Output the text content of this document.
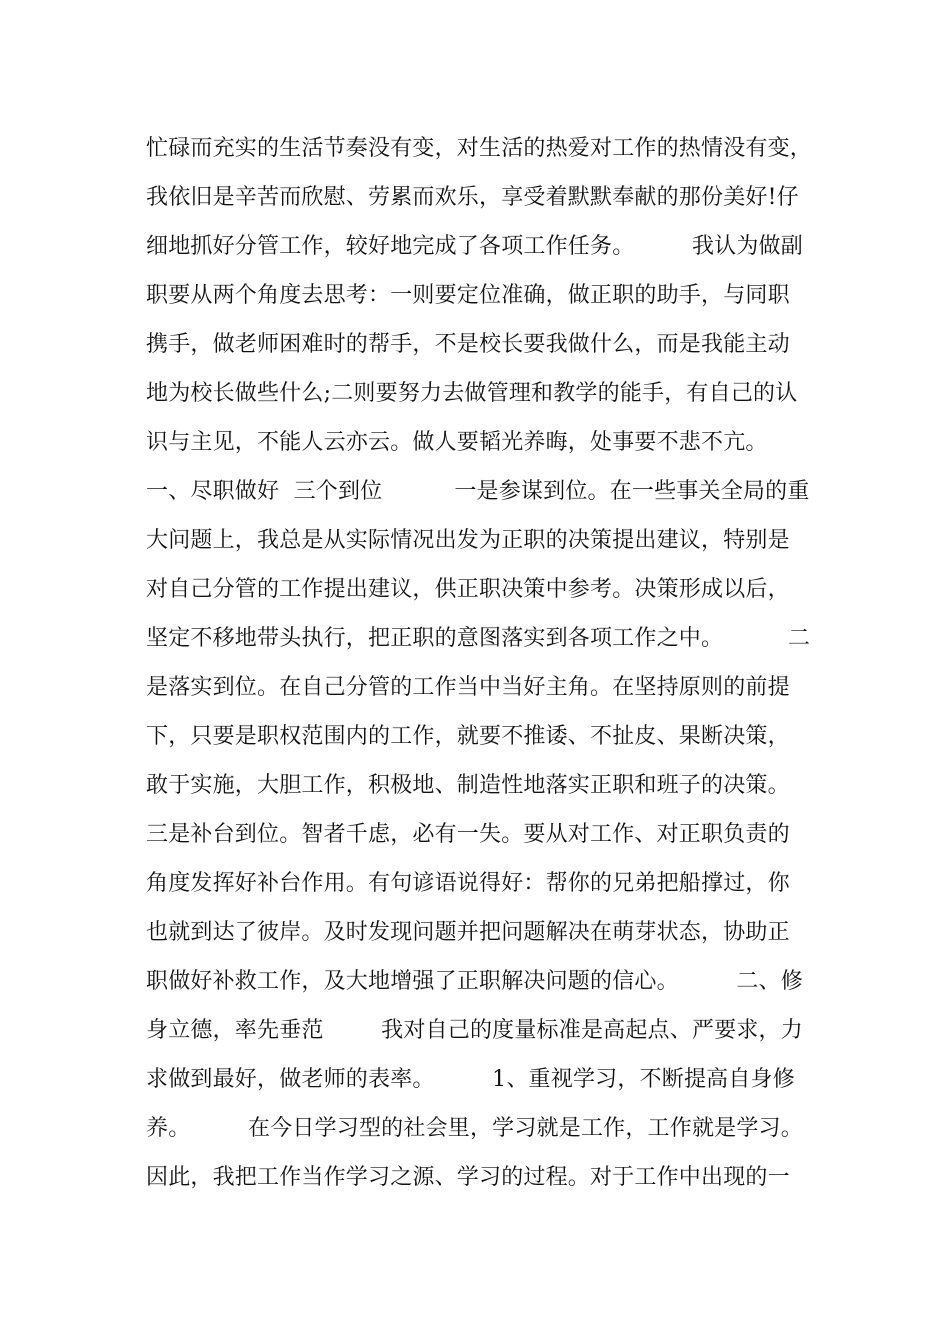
忙碌而充实的生活节奏没有变，对生活的热爱对工作的热情没有变，
我依旧是辛苦而欣慰、劳累而欢乐，享受着默默奉献的那份美好!仔
细地抓好分管工作，较好地完成了各项工作任务。        我认为做副
职要从两个角度去思考：一则要定位准确，做正职的助手，与同职
携手，做老师困难时的帮手，不是校长要我做什么，而是我能主动
地为校长做些什么;二则要努力去做管理和教学的能手，有自己的认
识与主见，不能人云亦云。做人要韬光养晦，处事要不悲不亢。
一、尽职做好  三个到位          一是参谋到位。在一些事关全局的重
大问题上，我总是从实际情况出发为正职的决策提出建议，特别是
对自己分管的工作提出建议，供正职决策中参考。决策形成以后，
坚定不移地带头执行，把正职的意图落实到各项工作之中。         二
是落实到位。在自己分管的工作当中当好主角。在坚持原则的前提
下，只要是职权范围内的工作，就要不推诿、不扯皮、果断决策，
敢于实施，大胆工作，积极地、制造性地落实正职和班子的决策。
三是补台到位。智者千虑，必有一失。要从对工作、对正职负责的
角度发挥好补台作用。有句谚语说得好：帮你的兄弟把船撑过，你
也就到达了彼岸。及时发现问题并把问题解决在萌芽状态，协助正
职做好补救工作，及大地增强了正职解决问题的信心。        二、修
身立德，率先垂范        我对自己的度量标准是高起点、严要求，力
求做到最好，做老师的表率。        1、重视学习，不断提高自身修
养。        在今日学习型的社会里，学习就是工作，工作就是学习。
因此，我把工作当作学习之源、学习的过程。对于工作中出现的一
